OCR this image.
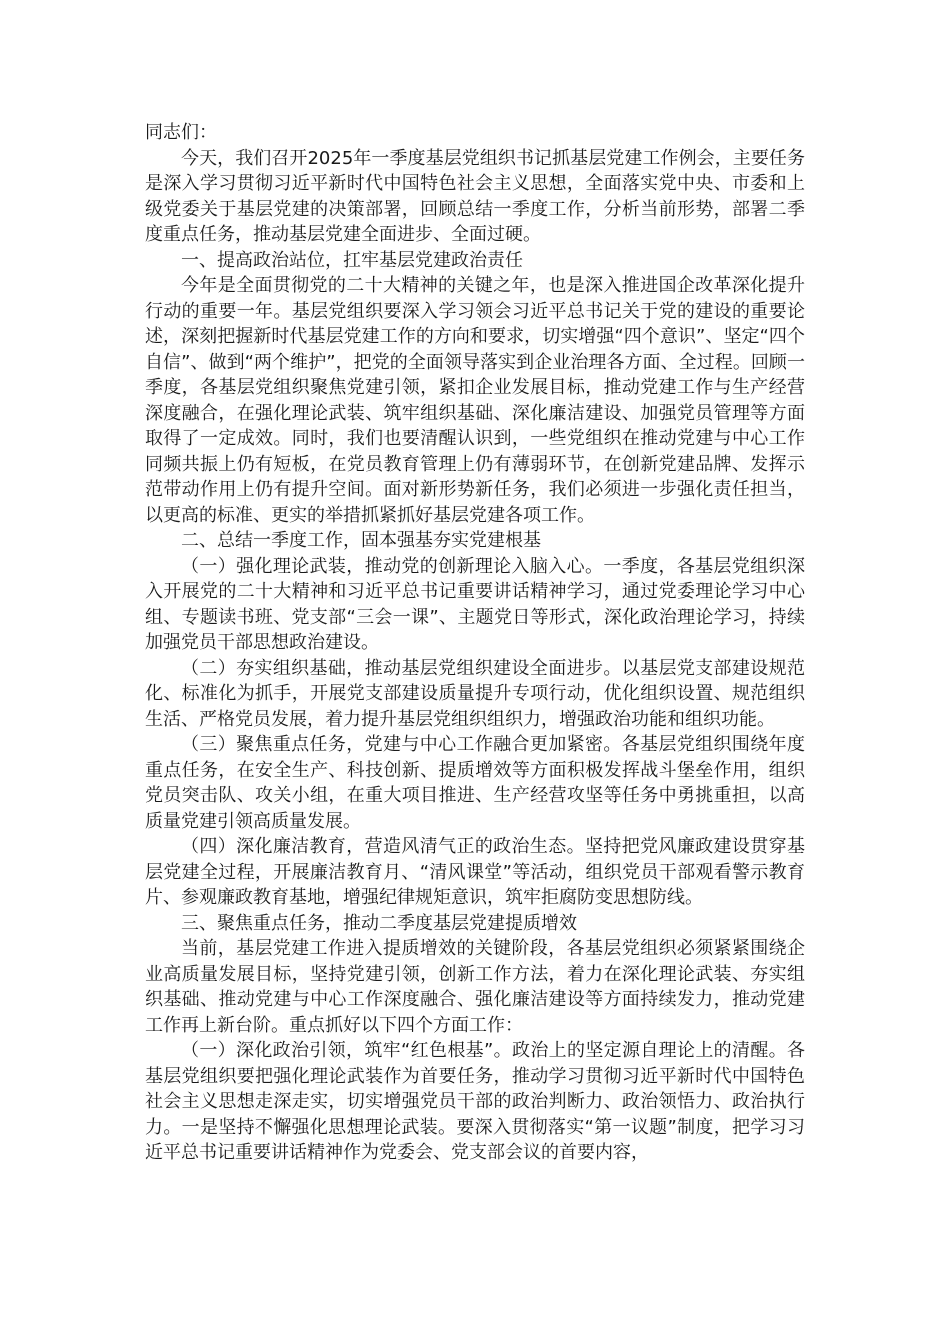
同志们：

今天，我们召开2025年一季度基层党组织书记抓基层党建工作例会，主要任务是深入学习贯彻习近平新时代中国特色社会主义思想，全面落实党中央、市委和上级党委关于基层党建的决策部署，回顾总结一季度工作，分析当前形势，部署二季度重点任务，推动基层党建全面进步、全面过硬。

一、提高政治站位，扛牢基层党建政治责任

今年是全面贯彻党的二十大精神的关键之年，也是深入推进国企改革深化提升行动的重要一年。基层党组织要深入学习领会习近平总书记关于党的建设的重要论述，深刻把握新时代基层党建工作的方向和要求，切实增强“四个意识”、坚定“四个自信”、做到“两个维护”，把党的全面领导落实到企业治理各方面、全过程。回顾一季度，各基层党组织聚焦党建引领，紧扣企业发展目标，推动党建工作与生产经营深度融合，在强化理论武装、筑牢组织基础、深化廉洁建设、加强党员管理等方面取得了一定成效。同时，我们也要清醒认识到，一些党组织在推动党建与中心工作同频共振上仍有短板，在党员教育管理上仍有薄弱环节，在创新党建品牌、发挥示范带动作用上仍有提升空间。面对新形势新任务，我们必须进一步强化责任担当，以更高的标准、更实的举措抓紧抓好基层党建各项工作。

二、总结一季度工作，固本强基夯实党建根基

（一）强化理论武装，推动党的创新理论入脑入心。一季度，各基层党组织深入开展党的二十大精神和习近平总书记重要讲话精神学习，通过党委理论学习中心组、专题读书班、党支部“三会一课”、主题党日等形式，深化政治理论学习，持续加强党员干部思想政治建设。

（二）夯实组织基础，推动基层党组织建设全面进步。以基层党支部建设规范化、标准化为抓手，开展党支部建设质量提升专项行动，优化组织设置、规范组织生活、严格党员发展，着力提升基层党组织组织力，增强政治功能和组织功能。

（三）聚焦重点任务，党建与中心工作融合更加紧密。各基层党组织围绕年度重点任务，在安全生产、科技创新、提质增效等方面积极发挥战斗堡垒作用，组织党员突击队、攻关小组，在重大项目推进、生产经营攻坚等任务中勇挑重担，以高质量党建引领高质量发展。

（四）深化廉洁教育，营造风清气正的政治生态。坚持把党风廉政建设贯穿基层党建全过程，开展廉洁教育月、“清风课堂”等活动，组织党员干部观看警示教育片、参观廉政教育基地，增强纪律规矩意识，筑牢拒腐防变思想防线。

三、聚焦重点任务，推动二季度基层党建提质增效

当前，基层党建工作进入提质增效的关键阶段，各基层党组织必须紧紧围绕企业高质量发展目标，坚持党建引领，创新工作方法，着力在深化理论武装、夯实组织基础、推动党建与中心工作深度融合、强化廉洁建设等方面持续发力，推动党建工作再上新台阶。重点抓好以下四个方面工作：

（一）深化政治引领，筑牢“红色根基”。政治上的坚定源自理论上的清醒。各基层党组织要把强化理论武装作为首要任务，推动学习贯彻习近平新时代中国特色社会主义思想走深走实，切实增强党员干部的政治判断力、政治领悟力、政治执行力。一是坚持不懈强化思想理论武装。要深入贯彻落实“第一议题”制度，把学习习近平总书记重要讲话精神作为党委会、党支部会议的首要内容，
